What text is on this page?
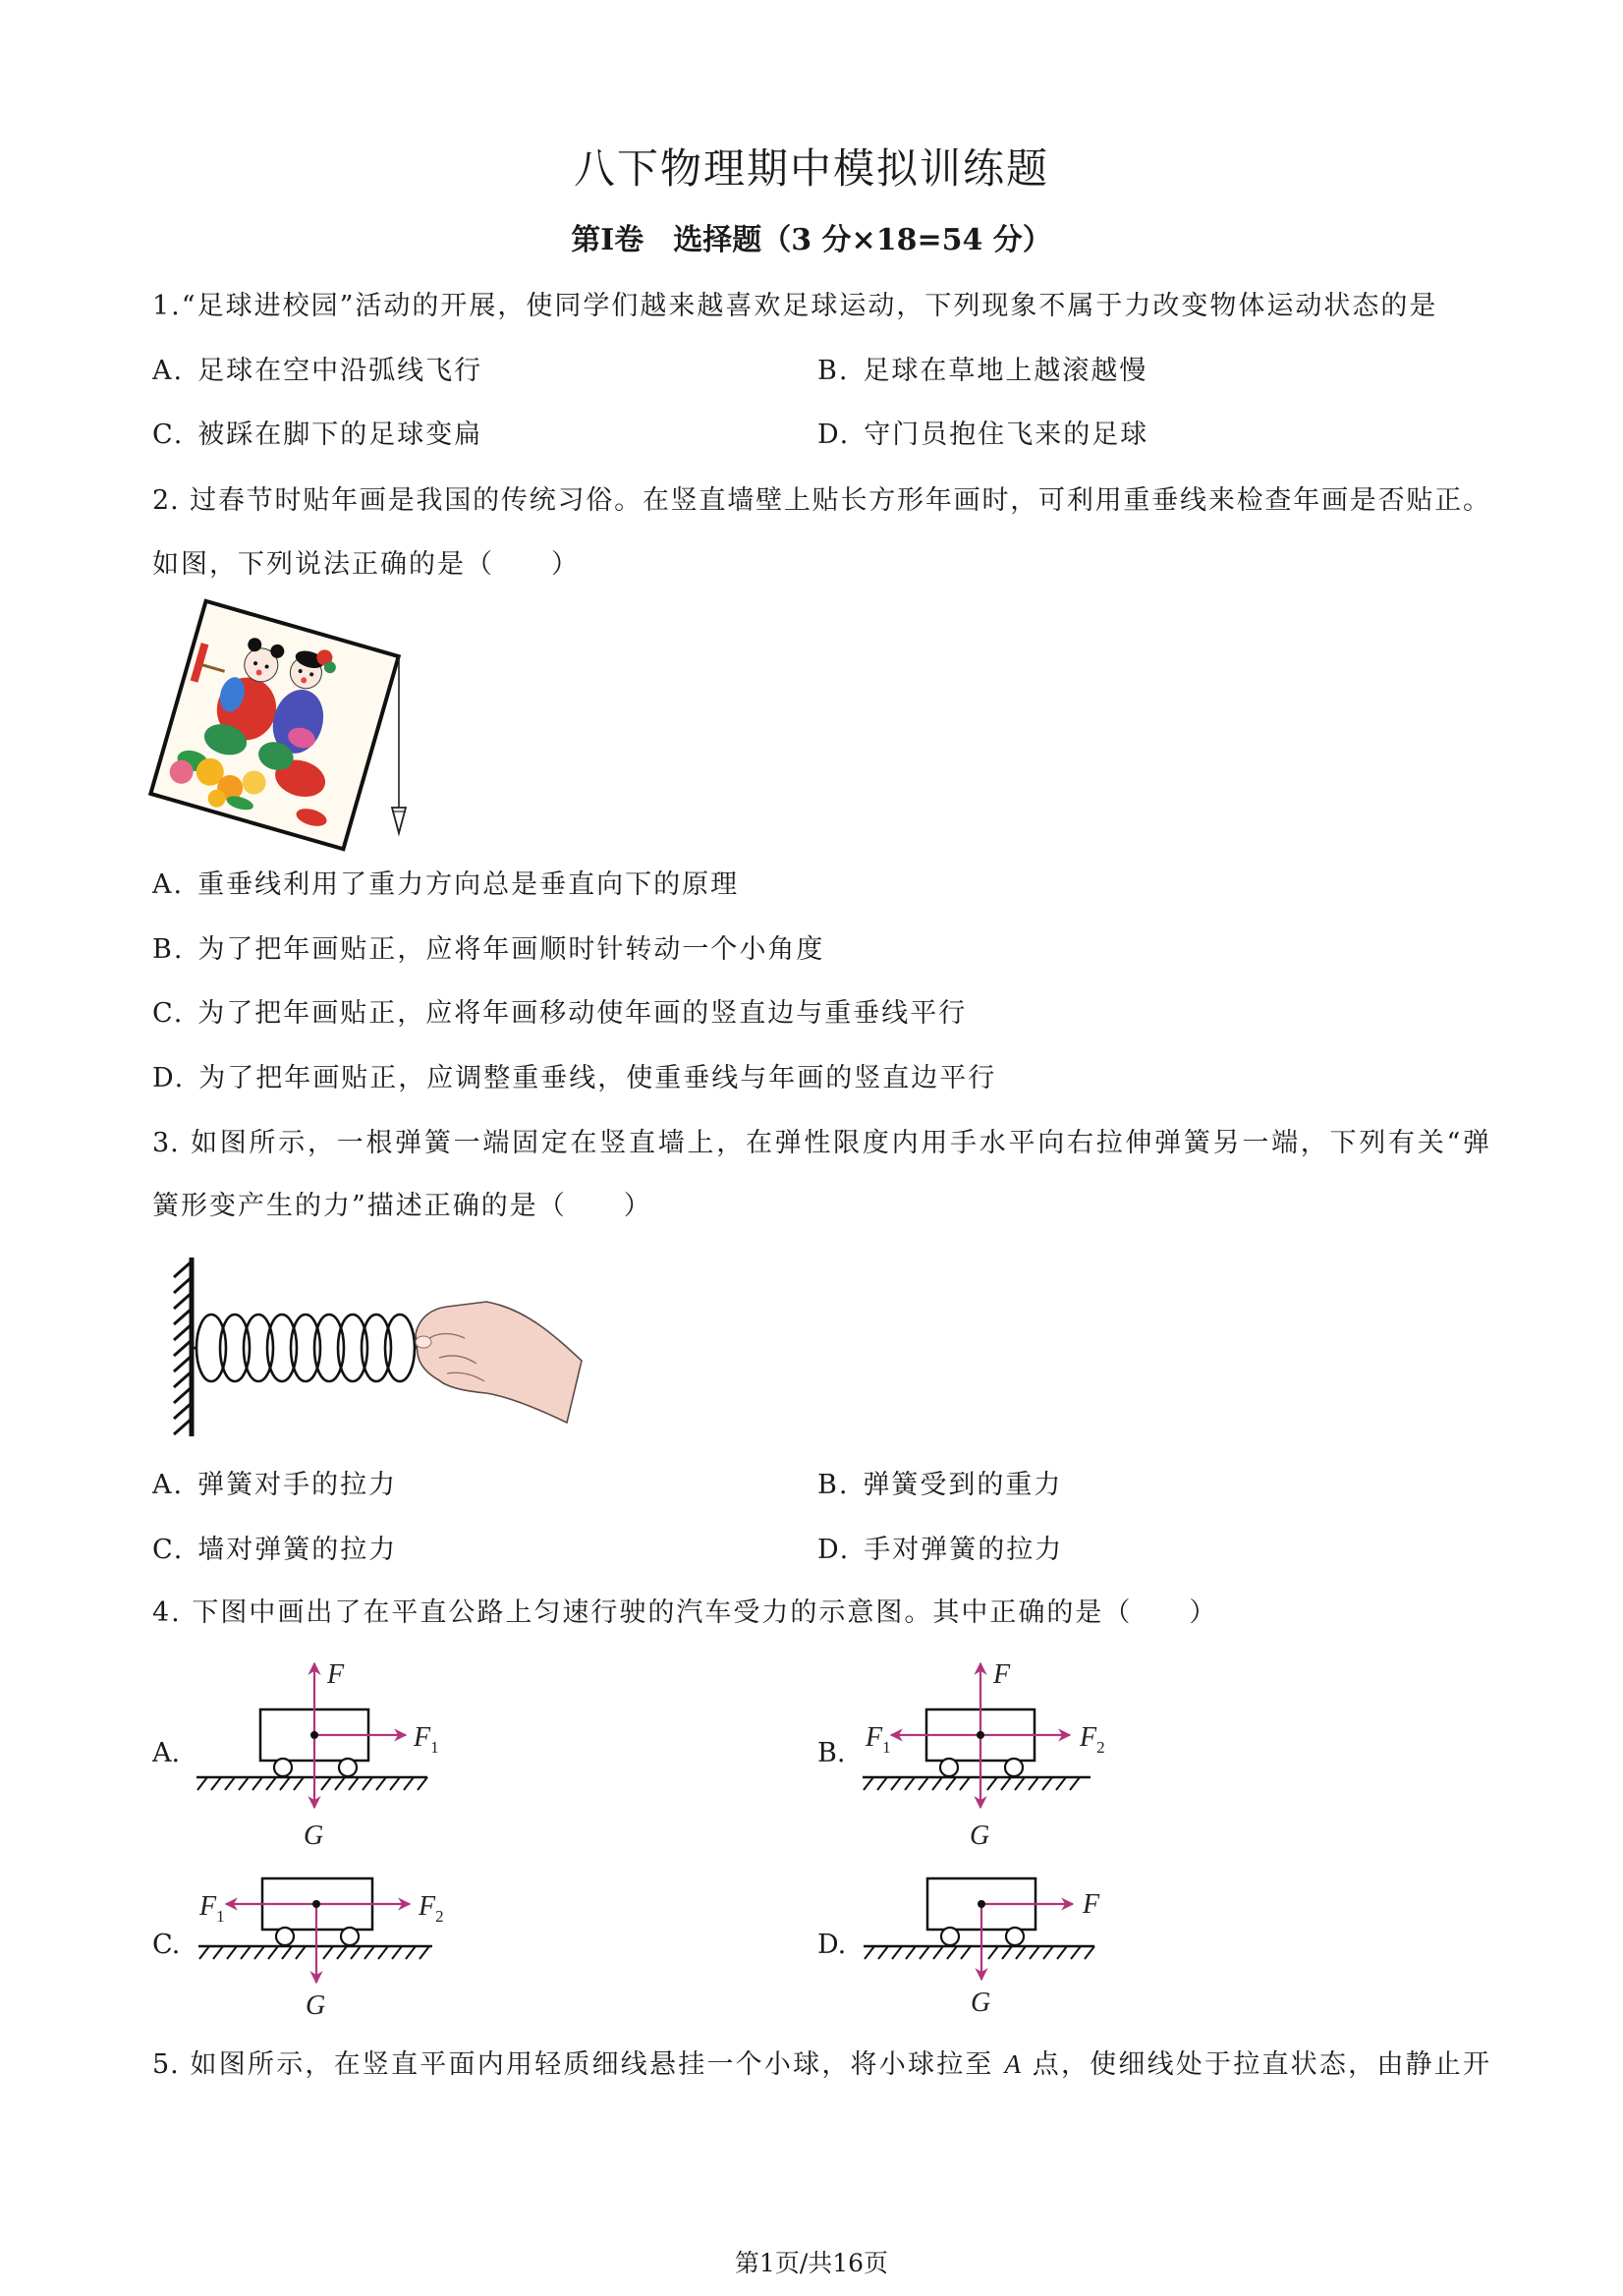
八下物理期中模拟训练题
第Ⅰ卷　选择题（3 分×18=54 分）
1.“足球进校园”活动的开展，使同学们越来越喜欢足球运动，下列现象不属于力改变物体运动状态的是
A. 足球在空中沿弧线飞行	B. 足球在草地上越滚越慢
C. 被踩在脚下的足球变扁	D. 守门员抱住飞来的足球
2. 过春节时贴年画是我国的传统习俗。在竖直墙壁上贴长方形年画时，可利用重垂线来检查年画是否贴正。
如图，下列说法正确的是（　　）
A. 重垂线利用了重力方向总是垂直向下的原理
B. 为了把年画贴正，应将年画顺时针转动一个小角度
C. 为了把年画贴正，应将年画移动使年画的竖直边与重垂线平行
D. 为了把年画贴正，应调整重垂线，使重垂线与年画的竖直边平行
3. 如图所示，一根弹簧一端固定在竖直墙上，在弹性限度内用手水平向右拉伸弹簧另一端，下列有关“弹
簧形变产生的力”描述正确的是（　　）
A. 弹簧对手的拉力	B. 弹簧受到的重力
C. 墙对弹簧的拉力	D. 手对弹簧的拉力
4. 下图中画出了在平直公路上匀速行驶的汽车受力的示意图。其中正确的是（　　）
A.
F
$F_1$
G
B.
F
$F_1$	$F_2$
G
C.
$F_1$	$F_2$
G
D.
F
G
5. 如图所示，在竖直平面内用轻质细线悬挂一个小球，将小球拉至 A 点，使细线处于拉直状态，由静止开
第1页/共16页
